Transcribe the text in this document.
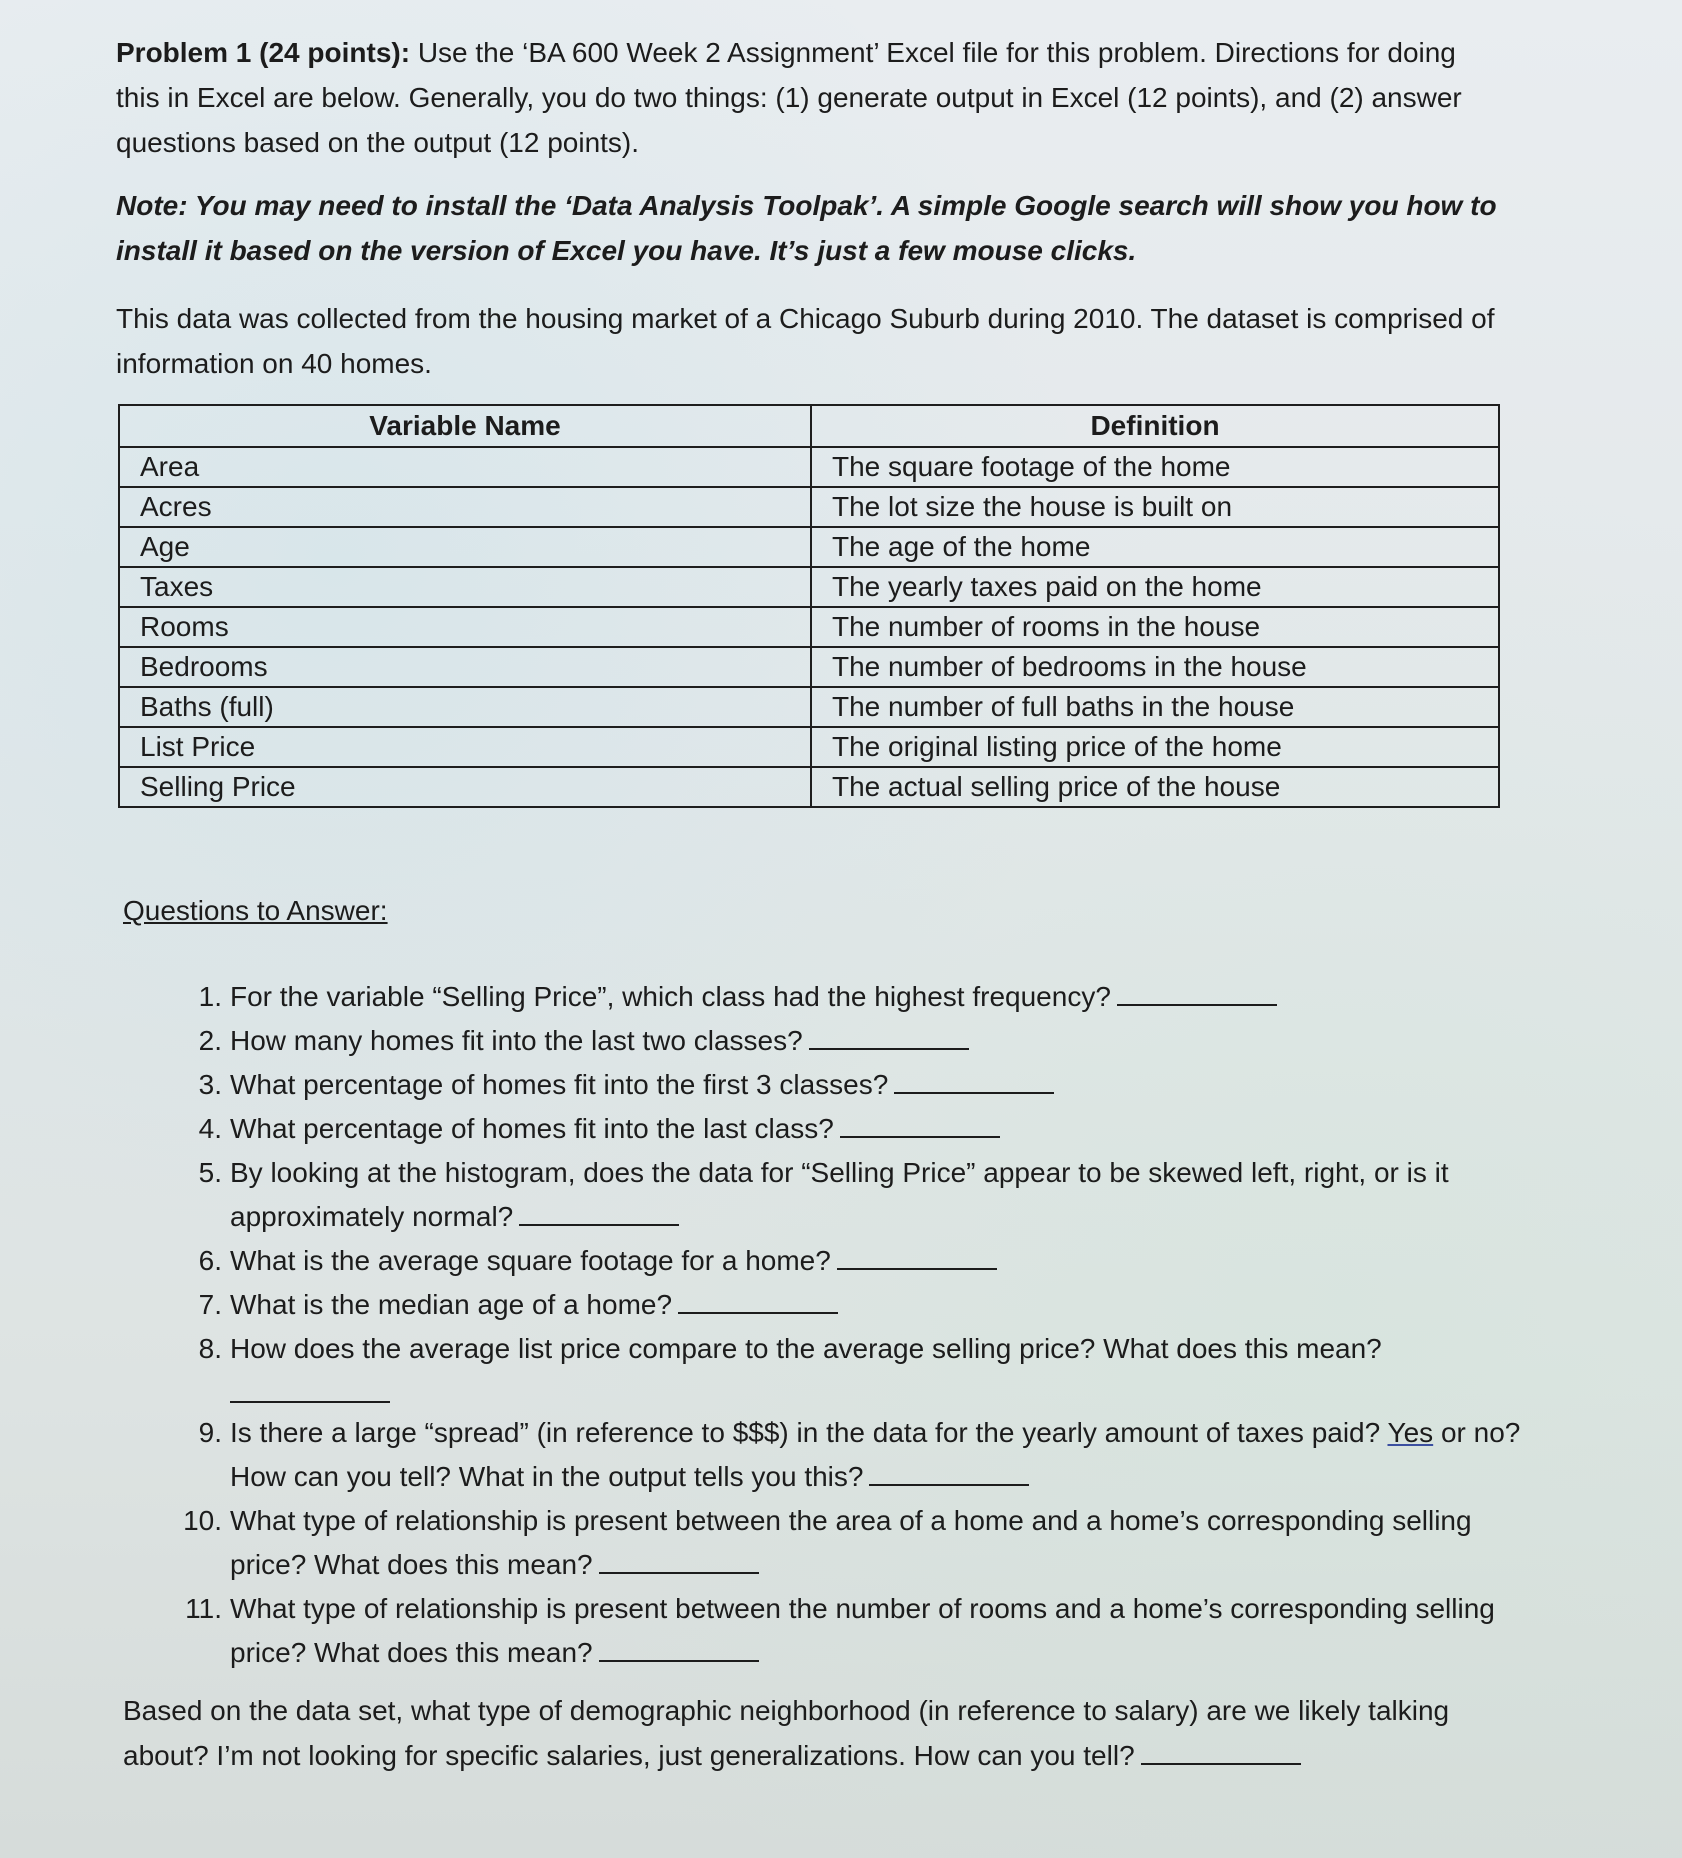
Problem 1 (24 points): Use the ‘BA 600 Week 2 Assignment’ Excel file for this problem. Directions for doing this in Excel are below. Generally, you do two things: (1) generate output in Excel (12 points), and (2) answer questions based on the output (12 points).

Note: You may need to install the ‘Data Analysis Toolpak’. A simple Google search will show you how to install it based on the version of Excel you have. It’s just a few mouse clicks.

This data was collected from the housing market of a Chicago Suburb during 2010. The dataset is comprised of information on 40 homes.

Variable Name	Definition
Area	The square footage of the home
Acres	The lot size the house is built on
Age	The age of the home
Taxes	The yearly taxes paid on the home
Rooms	The number of rooms in the house
Bedrooms	The number of bedrooms in the house
Baths (full)	The number of full baths in the house
List Price	The original listing price of the home
Selling Price	The actual selling price of the house

Questions to Answer:

1. For the variable “Selling Price”, which class had the highest frequency?
2. How many homes fit into the last two classes?
3. What percentage of homes fit into the first 3 classes?
4. What percentage of homes fit into the last class?
5. By looking at the histogram, does the data for “Selling Price” appear to be skewed left, right, or is it approximately normal?
6. What is the average square footage for a home?
7. What is the median age of a home?
8. How does the average list price compare to the average selling price? What does this mean?
9. Is there a large “spread” (in reference to $$$) in the data for the yearly amount of taxes paid? Yes or no? How can you tell? What in the output tells you this?
10. What type of relationship is present between the area of a home and a home’s corresponding selling price? What does this mean?
11. What type of relationship is present between the number of rooms and a home’s corresponding selling price? What does this mean?

Based on the data set, what type of demographic neighborhood (in reference to salary) are we likely talking about? I’m not looking for specific salaries, just generalizations. How can you tell?
